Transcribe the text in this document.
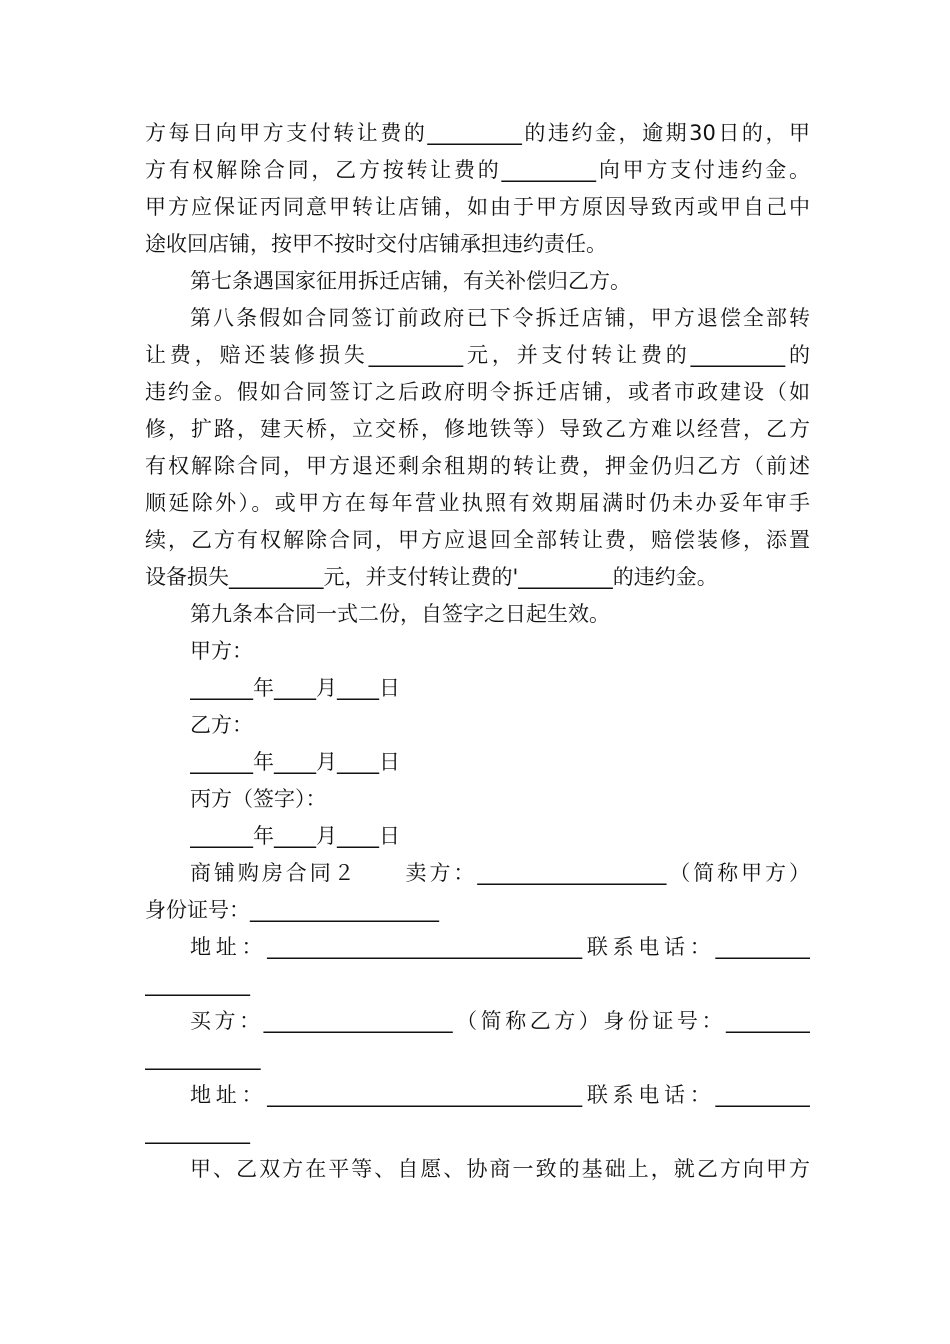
方每日向甲方支付转让费的_________的违约金，逾期30日的，甲
方有权解除合同，乙方按转让费的_________向甲方支付违约金。
甲方应保证丙同意甲转让店铺，如由于甲方原因导致丙或甲自己中
途收回店铺，按甲不按时交付店铺承担违约责任。
第七条遇国家征用拆迁店铺，有关补偿归乙方。
第八条假如合同签订前政府已下令拆迁店铺，甲方退偿全部转
让费，赔还装修损失_________元，并支付转让费的_________的
违约金。假如合同签订之后政府明令拆迁店铺，或者市政建设（如
修，扩路，建天桥，立交桥，修地铁等）导致乙方难以经营，乙方
有权解除合同，甲方退还剩余租期的转让费，押金仍归乙方（前述
顺延除外）。或甲方在每年营业执照有效期届满时仍未办妥年审手
续，乙方有权解除合同，甲方应退回全部转让费，赔偿装修，添置
设备损失_________元，并支付转让费的'_________的违约金。
第九条本合同一式二份，自签字之日起生效。
甲方：
______年____月____日
乙方：
______年____月____日
丙方（签字）：
______年____月____日
商铺购房合同２　　卖方：__________________（简称甲方）
身份证号：__________________
地址：______________________________联系电话：_________
__________
买方：__________________（简称乙方）身份证号：________
___________
地址：______________________________联系电话：_________
__________
甲、乙双方在平等、自愿、协商一致的基础上，就乙方向甲方
